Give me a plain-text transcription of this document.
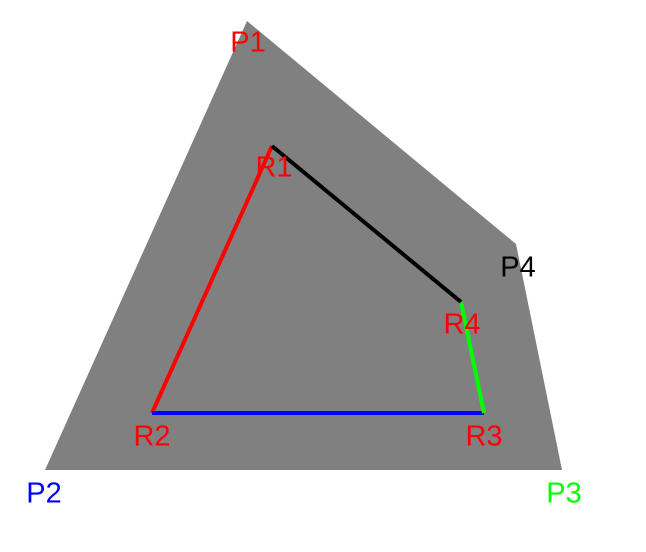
P1
P2	P3
P4
R1
R2	R3
R4
